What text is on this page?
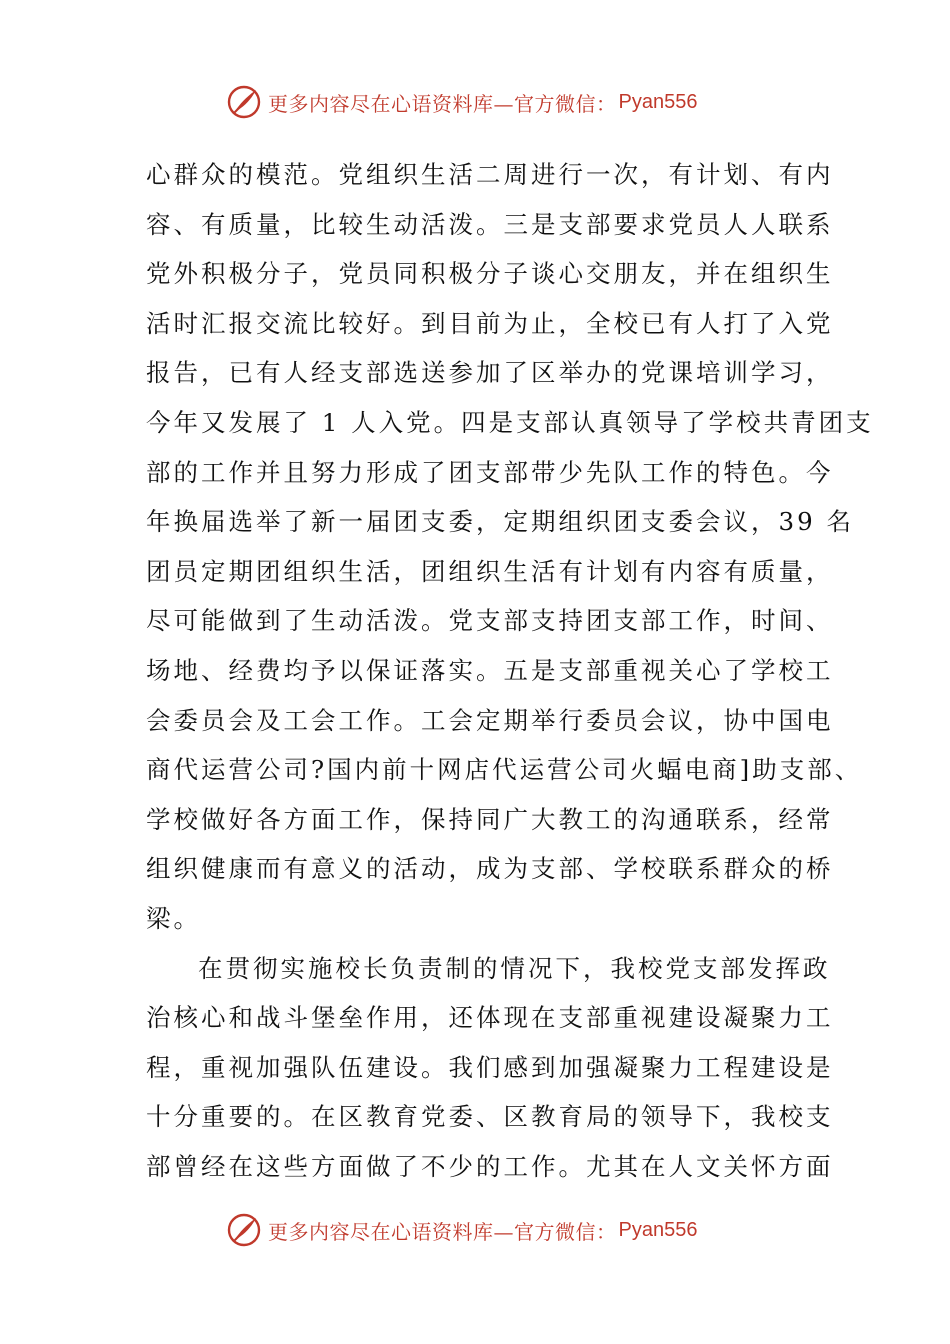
更多内容尽在心语资料库—官方微信： Pyan556
心群众的模范。党组织生活二周进行一次，有计划、有内
容、有质量，比较生动活泼。三是支部要求党员人人联系
党外积极分子，党员同积极分子谈心交朋友，并在组织生
活时汇报交流比较好。到目前为止，全校已有人打了入党
报告，已有人经支部选送参加了区举办的党课培训学习，
今年又发展了 1 人入党。四是支部认真领导了学校共青团支
部的工作并且努力形成了团支部带少先队工作的特色。今
年换届选举了新一届团支委，定期组织团支委会议，39 名
团员定期团组织生活，团组织生活有计划有内容有质量，
尽可能做到了生动活泼。党支部支持团支部工作，时间、
场地、经费均予以保证落实。五是支部重视关心了学校工
会委员会及工会工作。工会定期举行委员会议，协中国电
商代运营公司?国内前十网店代运营公司火蝠电商]助支部、
学校做好各方面工作，保持同广大教工的沟通联系，经常
组织健康而有意义的活动，成为支部、学校联系群众的桥
梁。
在贯彻实施校长负责制的情况下，我校党支部发挥政
治核心和战斗堡垒作用，还体现在支部重视建设凝聚力工
程，重视加强队伍建设。我们感到加强凝聚力工程建设是
十分重要的。在区教育党委、区教育局的领导下，我校支
部曾经在这些方面做了不少的工作。尤其在人文关怀方面
更多内容尽在心语资料库—官方微信： Pyan556
